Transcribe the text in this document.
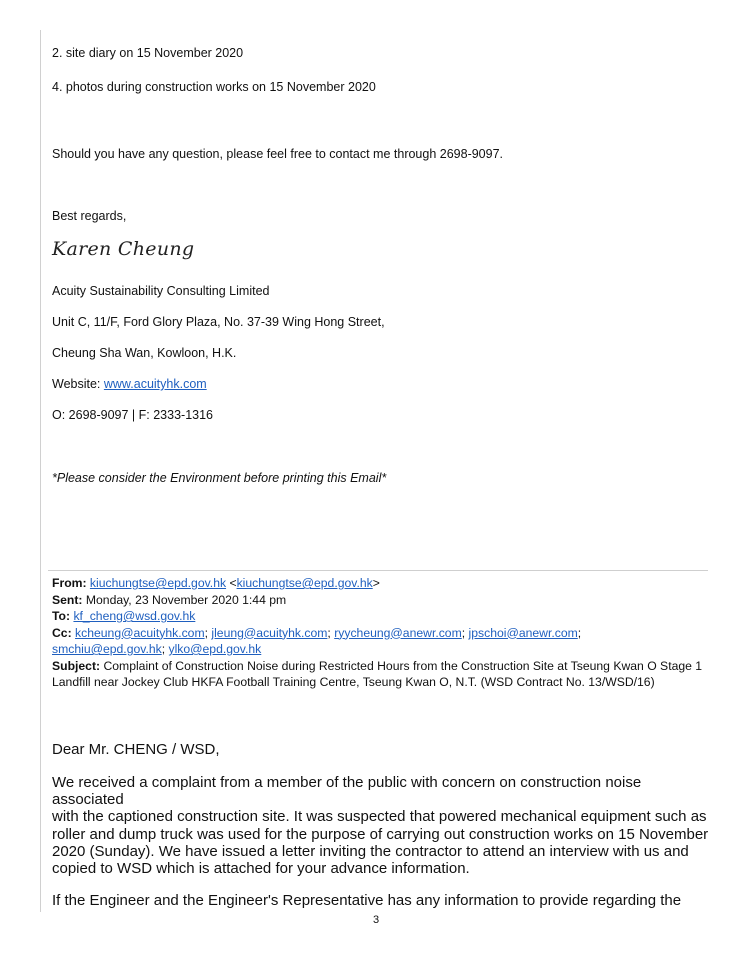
2. site diary on 15 November 2020
4. photos during construction works on 15 November 2020
Should you have any question, please feel free to contact me through 2698-9097.
Best regards,
Karen Cheung
Acuity Sustainability Consulting Limited
Unit C, 11/F, Ford Glory Plaza, No. 37-39 Wing Hong Street,
Cheung Sha Wan, Kowloon, H.K.
Website: www.acuityhk.com
O: 2698-9097 | F: 2333-1316
*Please consider the Environment before printing this Email*
From: kiuchungtse@epd.gov.hk <kiuchungtse@epd.gov.hk>
Sent: Monday, 23 November 2020 1:44 pm
To: kf_cheng@wsd.gov.hk
Cc: kcheung@acuityhk.com; jleung@acuityhk.com; ryycheung@anewr.com; jpschoi@anewr.com;
smchiu@epd.gov.hk; ylko@epd.gov.hk
Subject: Complaint of Construction Noise during Restricted Hours from the Construction Site at Tseung Kwan O Stage 1
Landfill near Jockey Club HKFA Football Training Centre, Tseung Kwan O, N.T. (WSD Contract No. 13/WSD/16)
Dear Mr. CHENG / WSD,
We received a complaint from a member of the public with concern on construction noise associated
with the captioned construction site. It was suspected that powered mechanical equipment such as
roller and dump truck was used for the purpose of carrying out construction works on 15 November
2020 (Sunday). We have issued a letter inviting the contractor to attend an interview with us and
copied to WSD which is attached for your advance information.
If the Engineer and the Engineer's Representative has any information to provide regarding the
3
